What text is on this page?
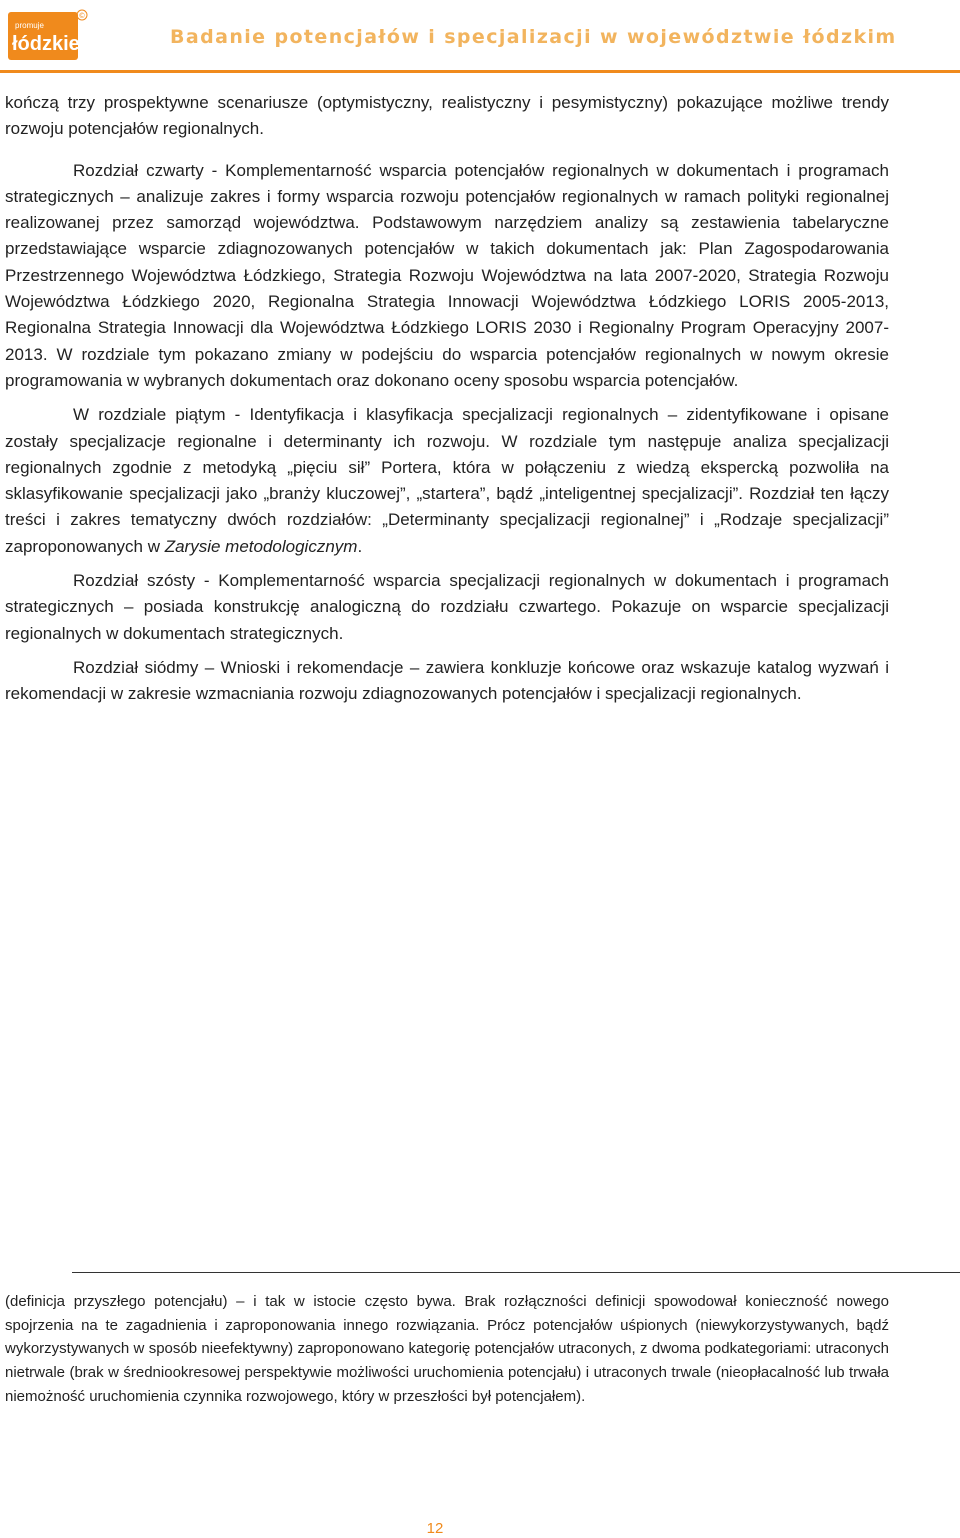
promuje
łódzkie
©
Badanie potencjałów i specjalizacji w województwie łódzkim

kończą trzy prospektywne scenariusze (optymistyczny, realistyczny i pesymistyczny) pokazujące możliwe trendy rozwoju potencjałów regionalnych.

Rozdział czwarty - Komplementarność wsparcia potencjałów regionalnych w dokumentach i programach strategicznych – analizuje zakres i formy wsparcia rozwoju potencjałów regionalnych w ramach polityki regionalnej realizowanej przez samorząd województwa. Podstawowym narzędziem analizy są zestawienia tabelaryczne przedstawiające wsparcie zdiagnozowanych potencjałów w takich dokumentach jak: Plan Zagospodarowania Przestrzennego Województwa Łódzkiego, Strategia Rozwoju Województwa na lata 2007-2020, Strategia Rozwoju Województwa Łódzkiego 2020, Regionalna Strategia Innowacji Województwa Łódzkiego LORIS 2005-2013, Regionalna Strategia Innowacji dla Województwa Łódzkiego LORIS 2030 i Regionalny Program Operacyjny 2007-2013. W rozdziale tym pokazano zmiany w podejściu do wsparcia potencjałów regionalnych w nowym okresie programowania w wybranych dokumentach oraz dokonano oceny sposobu wsparcia potencjałów.

W rozdziale piątym - Identyfikacja i klasyfikacja specjalizacji regionalnych – zidentyfikowane i opisane zostały specjalizacje regionalne i determinanty ich rozwoju. W rozdziale tym następuje analiza specjalizacji regionalnych zgodnie z metodyką „pięciu sił” Portera, która w połączeniu z wiedzą ekspercką pozwoliła na sklasyfikowanie specjalizacji jako „branży kluczowej”, „startera”, bądź „inteligentnej specjalizacji”. Rozdział ten łączy treści i zakres tematyczny dwóch rozdziałów: „Determinanty specjalizacji regionalnej” i „Rodzaje specjalizacji” zaproponowanych w Zarysie metodologicznym.

Rozdział szósty - Komplementarność wsparcia specjalizacji regionalnych w dokumentach i programach strategicznych – posiada konstrukcję analogiczną do rozdziału czwartego. Pokazuje on wsparcie specjalizacji regionalnych w dokumentach strategicznych.

Rozdział siódmy – Wnioski i rekomendacje – zawiera konkluzje końcowe oraz wskazuje katalog wyzwań i rekomendacji w zakresie wzmacniania rozwoju zdiagnozowanych potencjałów i specjalizacji regionalnych.

(definicja przyszłego potencjału) – i tak w istocie często bywa. Brak rozłączności definicji spowodował konieczność nowego spojrzenia na te zagadnienia i zaproponowania innego rozwiązania. Prócz potencjałów uśpionych (niewykorzystywanych, bądź wykorzystywanych w sposób nieefektywny) zaproponowano kategorię potencjałów utraconych, z dwoma podkategoriami: utraconych nietrwale (brak w średniookresowej perspektywie możliwości uruchomienia potencjału) i utraconych trwale (nieopłacalność lub trwała niemożność uruchomienia czynnika rozwojowego, który w przeszłości był potencjałem).

12
